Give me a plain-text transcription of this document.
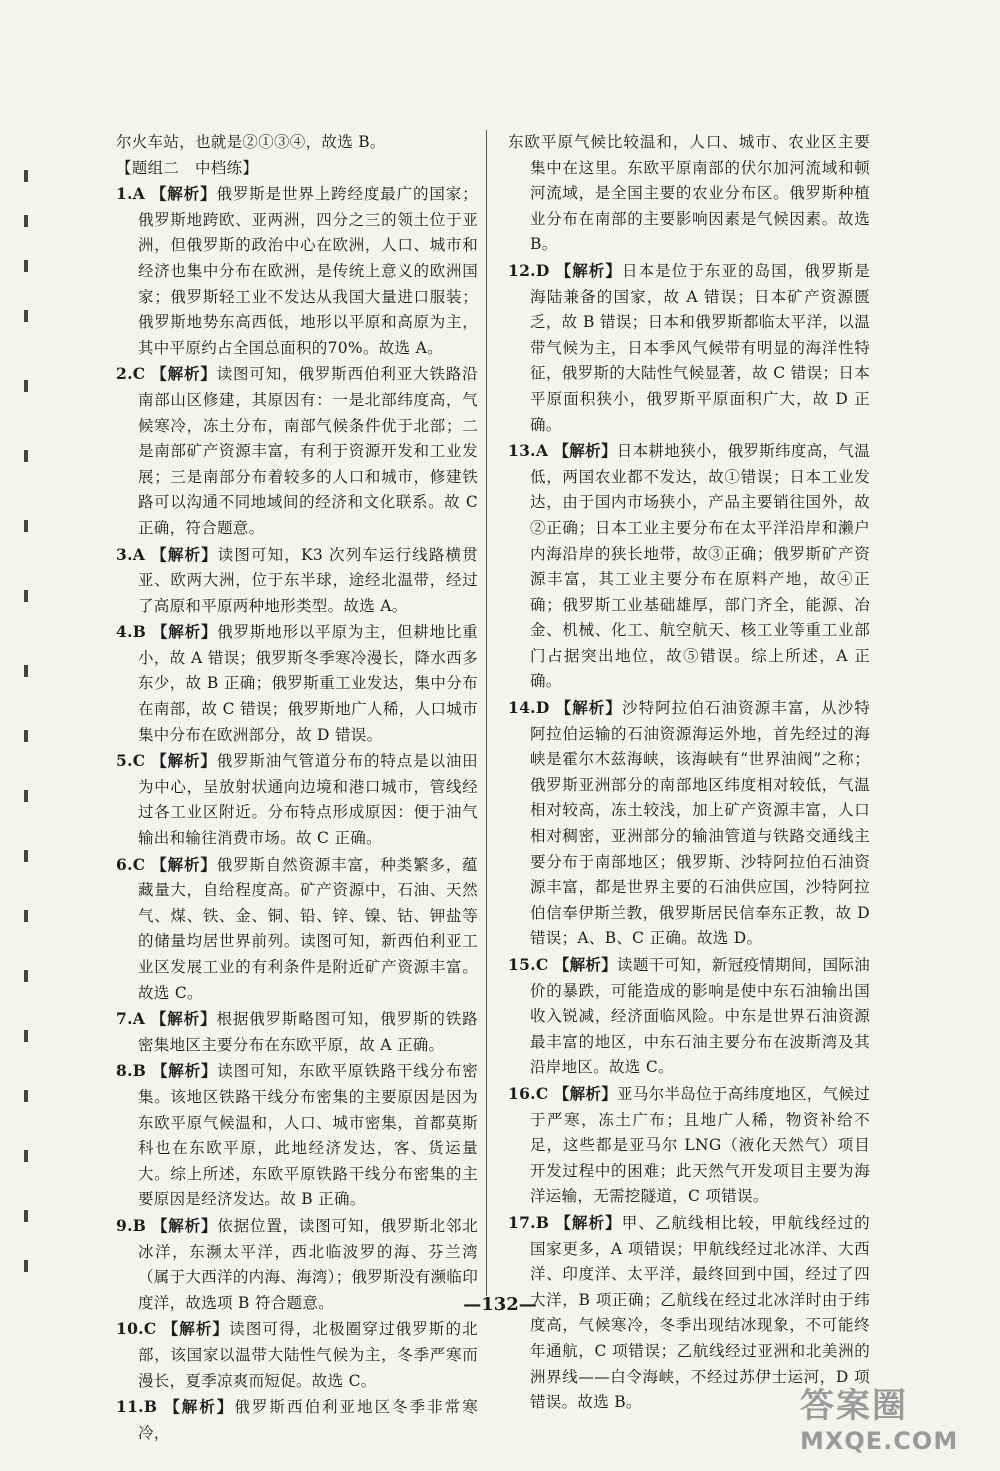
尔火车站，也就是②①③④，故选 B。

【题组二　中档练】

1.A 【解析】俄罗斯是世界上跨经度最广的国家；俄罗斯地跨欧、亚两洲，四分之三的领土位于亚洲，但俄罗斯的政治中心在欧洲，人口、城市和经济也集中分布在欧洲，是传统上意义的欧洲国家；俄罗斯轻工业不发达从我国大量进口服装；俄罗斯地势东高西低，地形以平原和高原为主，其中平原约占全国总面积的70%。故选 A。

2.C 【解析】读图可知，俄罗斯西伯利亚大铁路沿南部山区修建，其原因有：一是北部纬度高，气候寒冷，冻土分布，南部气候条件优于北部；二是南部矿产资源丰富，有利于资源开发和工业发展；三是南部分布着较多的人口和城市，修建铁路可以沟通不同地域间的经济和文化联系。故 C 正确，符合题意。

3.A 【解析】读图可知，K3 次列车运行线路横贯亚、欧两大洲，位于东半球，途经北温带，经过了高原和平原两种地形类型。故选 A。

4.B 【解析】俄罗斯地形以平原为主，但耕地比重小，故 A 错误；俄罗斯冬季寒冷漫长，降水西多东少，故 B 正确；俄罗斯重工业发达，集中分布在南部，故 C 错误；俄罗斯地广人稀，人口城市集中分布在欧洲部分，故 D 错误。

5.C 【解析】俄罗斯油气管道分布的特点是以油田为中心，呈放射状通向边境和港口城市，管线经过各工业区附近。分布特点形成原因：便于油气输出和输往消费市场。故 C 正确。

6.C 【解析】俄罗斯自然资源丰富，种类繁多，蕴藏量大，自给程度高。矿产资源中，石油、天然气、煤、铁、金、铜、铅、锌、镍、钴、钾盐等的储量均居世界前列。读图可知，新西伯利亚工业区发展工业的有利条件是附近矿产资源丰富。故选 C。

7.A 【解析】根据俄罗斯略图可知，俄罗斯的铁路密集地区主要分布在东欧平原，故 A 正确。

8.B 【解析】读图可知，东欧平原铁路干线分布密集。该地区铁路干线分布密集的主要原因是因为东欧平原气候温和，人口、城市密集，首都莫斯科也在东欧平原，此地经济发达，客、货运量大。综上所述，东欧平原铁路干线分布密集的主要原因是经济发达。故 B 正确。

9.B 【解析】依据位置，读图可知，俄罗斯北邻北冰洋，东濒太平洋，西北临波罗的海、芬兰湾（属于大西洋的内海、海湾）；俄罗斯没有濒临印度洋，故选项 B 符合题意。

10.C 【解析】读图可得，北极圈穿过俄罗斯的北部，该国家以温带大陆性气候为主，冬季严寒而漫长，夏季凉爽而短促。故选 C。

11.B 【解析】俄罗斯西伯利亚地区冬季非常寒冷，

东欧平原气候比较温和，人口、城市、农业区主要集中在这里。东欧平原南部的伏尔加河流域和顿河流域，是全国主要的农业分布区。俄罗斯种植业分布在南部的主要影响因素是气候因素。故选 B。

12.D 【解析】日本是位于东亚的岛国，俄罗斯是海陆兼备的国家，故 A 错误；日本矿产资源匮乏，故 B 错误；日本和俄罗斯都临太平洋，以温带气候为主，日本季风气候带有明显的海洋性特征，俄罗斯的大陆性气候显著，故 C 错误；日本平原面积狭小，俄罗斯平原面积广大，故 D 正确。

13.A 【解析】日本耕地狭小，俄罗斯纬度高，气温低，两国农业都不发达，故①错误；日本工业发达，由于国内市场狭小，产品主要销往国外，故②正确；日本工业主要分布在太平洋沿岸和濑户内海沿岸的狭长地带，故③正确；俄罗斯矿产资源丰富，其工业主要分布在原料产地，故④正确；俄罗斯工业基础雄厚，部门齐全，能源、冶金、机械、化工、航空航天、核工业等重工业部门占据突出地位，故⑤错误。综上所述，A 正确。

14.D 【解析】沙特阿拉伯石油资源丰富，从沙特阿拉伯运输的石油资源海运外地，首先经过的海峡是霍尔木兹海峡，该海峡有“世界油阀”之称；俄罗斯亚洲部分的南部地区纬度相对较低，气温相对较高，冻土较浅，加上矿产资源丰富，人口相对稠密，亚洲部分的输油管道与铁路交通线主要分布于南部地区；俄罗斯、沙特阿拉伯石油资源丰富，都是世界主要的石油供应国，沙特阿拉伯信奉伊斯兰教，俄罗斯居民信奉东正教，故 D 错误；A、B、C 正确。故选 D。

15.C 【解析】读题干可知，新冠疫情期间，国际油价的暴跌，可能造成的影响是使中东石油输出国收入锐减，经济面临风险。中东是世界石油资源最丰富的地区，中东石油主要分布在波斯湾及其沿岸地区。故选 C。

16.C 【解析】亚马尔半岛位于高纬度地区，气候过于严寒，冻土广布；且地广人稀，物资补给不足，这些都是亚马尔 LNG（液化天然气）项目开发过程中的困难；此天然气开发项目主要为海洋运输，无需挖隧道，C 项错误。

17.B 【解析】甲、乙航线相比较，甲航线经过的国家更多，A 项错误；甲航线经过北冰洋、大西洋、印度洋、太平洋，最终回到中国，经过了四大洋，B 项正确；乙航线在经过北冰洋时由于纬度高，气候寒冷，冬季出现结冰现象，不可能终年通航，C 项错误；乙航线经过亚洲和北美洲的洲界线——白令海峡，不经过苏伊士运河，D 项错误。故选 B。

—132—
答案圈
MXQE.COM
